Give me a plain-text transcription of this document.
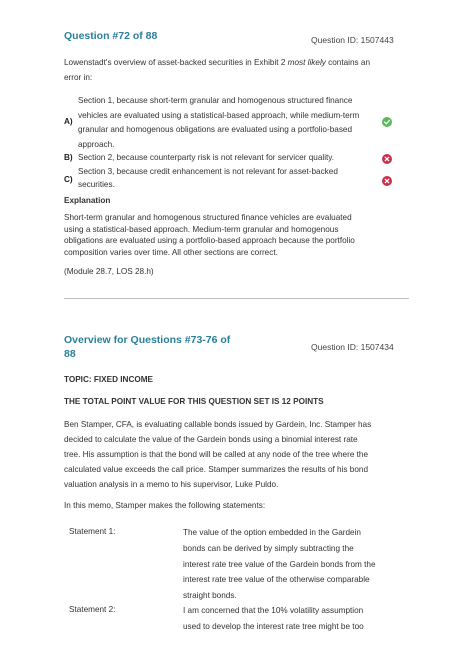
Question #72 of 88	Question ID: 1507443
Lowenstadt's overview of asset-backed securities in Exhibit 2 most likely contains an
error in:
A)
Section 1, because short-term granular and homogenous structured finance
vehicles are evaluated using a statistical-based approach, while medium-term
granular and homogenous obligations are evaluated using a portfolio-based
approach.
B) Section 2, because counterparty risk is not relevant for servicer quality.
C)
Section 3, because credit enhancement is not relevant for asset-backed
securities.
Explanation
Short-term granular and homogenous structured finance vehicles are evaluated
using a statistical-based approach. Medium-term granular and homogenous
obligations are evaluated using a portfolio-based approach because the portfolio
composition varies over time. All other sections are correct.
(Module 28.7, LOS 28.h)
Overview for Questions #73-76 of
88
Question ID: 1507434
TOPIC: FIXED INCOME
THE TOTAL POINT VALUE FOR THIS QUESTION SET IS 12 POINTS
Ben Stamper, CFA, is evaluating callable bonds issued by Gardein, Inc. Stamper has
decided to calculate the value of the Gardein bonds using a binomial interest rate
tree. His assumption is that the bond will be called at any node of the tree where the
calculated value exceeds the call price. Stamper summarizes the results of his bond
valuation analysis in a memo to his supervisor, Luke Puldo.
In this memo, Stamper makes the following statements:
Statement 1:	The value of the option embedded in the Gardein
bonds can be derived by simply subtracting the
interest rate tree value of the Gardein bonds from the
interest rate tree value of the otherwise comparable
straight bonds.
Statement 2:	I am concerned that the 10% volatility assumption
used to develop the interest rate tree might be too
